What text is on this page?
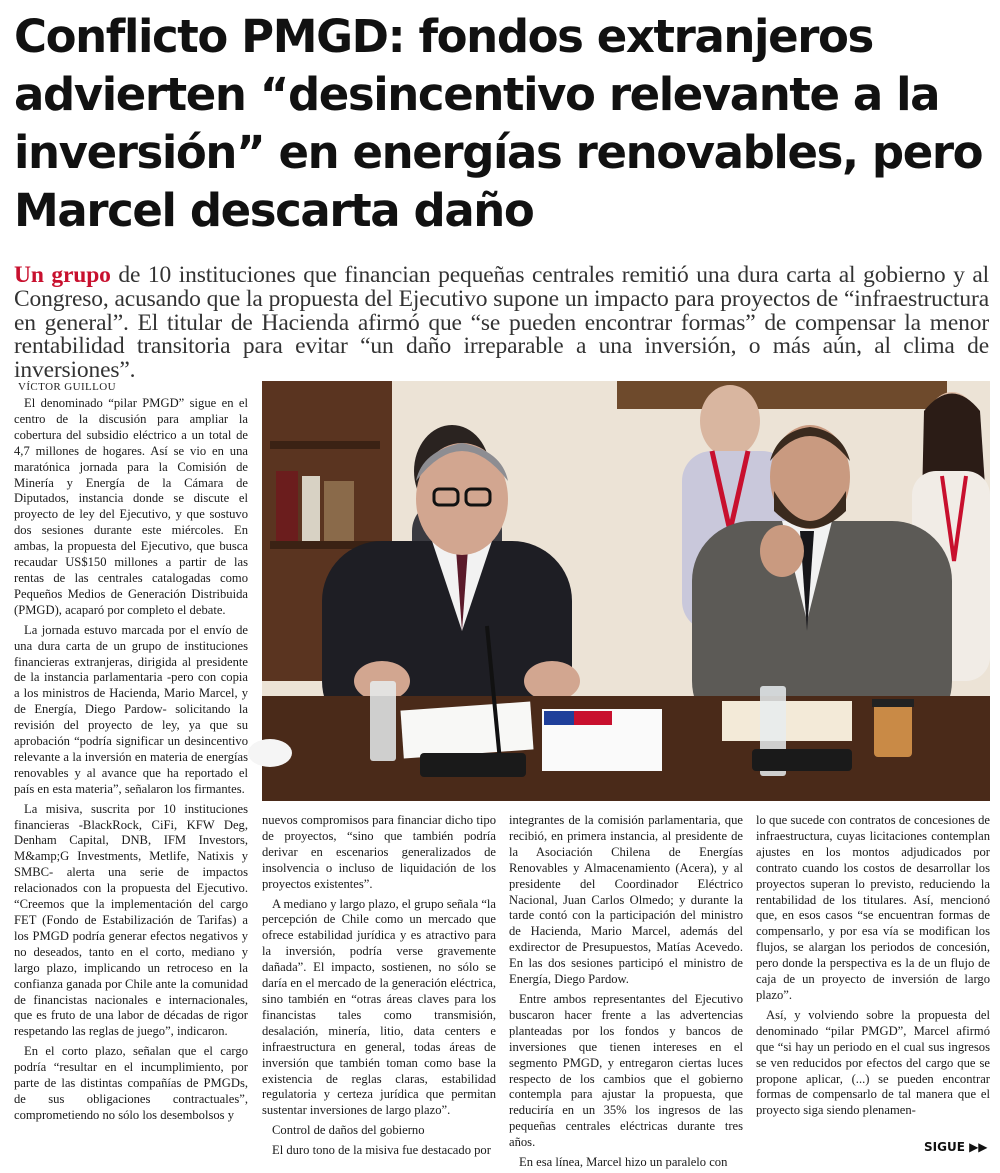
Conflicto PMGD: fondos extranjeros advierten “desincentivo relevante a la inversión” en energías renovables, pero Marcel descarta daño

Un grupo de 10 instituciones que financian pequeñas centrales remitió una dura carta al gobierno y al Congreso, acusando que la propuesta del Ejecutivo supone un impacto para proyectos de “infraestructura en general”. El titular de Hacienda afirmó que “se pueden encontrar formas” de compensar la menor rentabilidad transitoria para evitar “un daño irreparable a una inversión, o más aún, al clima de inversiones”.

VÍCTOR GUILLOU

El denominado “pilar PMGD” sigue en el centro de la discusión para ampliar la cobertura del subsidio eléctrico a un total de 4,7 millones de hogares. Así se vio en una maratónica jornada para la Comisión de Minería y Energía de la Cámara de Diputados, instancia donde se discute el proyecto de ley del Ejecutivo, y que sostuvo dos sesiones durante este miércoles. En ambas, la propuesta del Ejecutivo, que busca recaudar US$150 millones a partir de las rentas de las centrales catalogadas como Pequeños Medios de Generación Distribuida (PMGD), acaparó por completo el debate.

La jornada estuvo marcada por el envío de una dura carta de un grupo de instituciones financieras extranjeras, dirigida al presidente de la instancia parlamentaria -pero con copia a los ministros de Hacienda, Mario Marcel, y de Energía, Diego Pardow- solicitando la revisión del proyecto de ley, ya que su aprobación “podría significar un desincentivo relevante a la inversión en materia de energías renovables y al avance que ha reportado el país en esta materia”, señalaron los firmantes.

La misiva, suscrita por 10 instituciones financieras -BlackRock, CiFi, KFW Deg, Denham Capital, DNB, IFM Investors, M&amp;G Investments, Metlife, Natixis y SMBC- alerta una serie de impactos relacionados con la propuesta del Ejecutivo. “Creemos que la implementación del cargo FET (Fondo de Estabilización de Tarifas) a los PMGD podría generar efectos negativos y no deseados, tanto en el corto, mediano y largo plazo, implicando un retroceso en la confianza ganada por Chile ante la comunidad de financistas nacionales e internacionales, que es fruto de una labor de décadas de rigor respetando las reglas de juego”, indicaron.

En el corto plazo, señalan que el cargo podría “resultar en el incumplimiento, por parte de las distintas compañías de PMGDs, de sus obligaciones contractuales”, comprometiendo no sólo los desembolsos y

nuevos compromisos para financiar dicho tipo de proyectos, “sino que también podría derivar en escenarios generalizados de insolvencia o incluso de liquidación de los proyectos existentes”.

A mediano y largo plazo, el grupo señala “la percepción de Chile como un mercado que ofrece estabilidad jurídica y es atractivo para la inversión, podría verse gravemente dañada”. El impacto, sostienen, no sólo se daría en el mercado de la generación eléctrica, sino también en “otras áreas claves para los financistas tales como transmisión, desalación, minería, litio, data centers e infraestructura en general, todas áreas de inversión que también toman como base la existencia de reglas claras, estabilidad regulatoria y certeza jurídica que permitan sustentar inversiones de largo plazo”.

Control de daños del gobierno

El duro tono de la misiva fue destacado por

integrantes de la comisión parlamentaria, que recibió, en primera instancia, al presidente de la Asociación Chilena de Energías Renovables y Almacenamiento (Acera), y al presidente del Coordinador Eléctrico Nacional, Juan Carlos Olmedo; y durante la tarde contó con la participación del ministro de Hacienda, Mario Marcel, además del exdirector de Presupuestos, Matías Acevedo. En las dos sesiones participó el ministro de Energía, Diego Pardow.

Entre ambos representantes del Ejecutivo buscaron hacer frente a las advertencias planteadas por los fondos y bancos de inversiones que tienen intereses en el segmento PMGD, y entregaron ciertas luces respecto de los cambios que el gobierno contempla para ajustar la propuesta, que reduciría en un 35% los ingresos de las pequeñas centrales eléctricas durante tres años.

En esa línea, Marcel hizo un paralelo con

lo que sucede con contratos de concesiones de infraestructura, cuyas licitaciones contemplan ajustes en los montos adjudicados por contrato cuando los costos de desarrollar los proyectos superan lo previsto, reduciendo la rentabilidad de los titulares. Así, mencionó que, en esos casos “se encuentran formas de compensarlo, y por esa vía se modifican los flujos, se alargan los periodos de concesión, pero donde la perspectiva es la de un flujo de caja de un proyecto de inversión de largo plazo”.

Así, y volviendo sobre la propuesta del denominado “pilar PMGD”, Marcel afirmó que “si hay un periodo en el cual sus ingresos se ven reducidos por efectos del cargo que se propone aplicar, (...) se pueden encontrar formas de compensarlo de tal manera que el proyecto siga siendo plenamen-

SIGUE ▶▶
